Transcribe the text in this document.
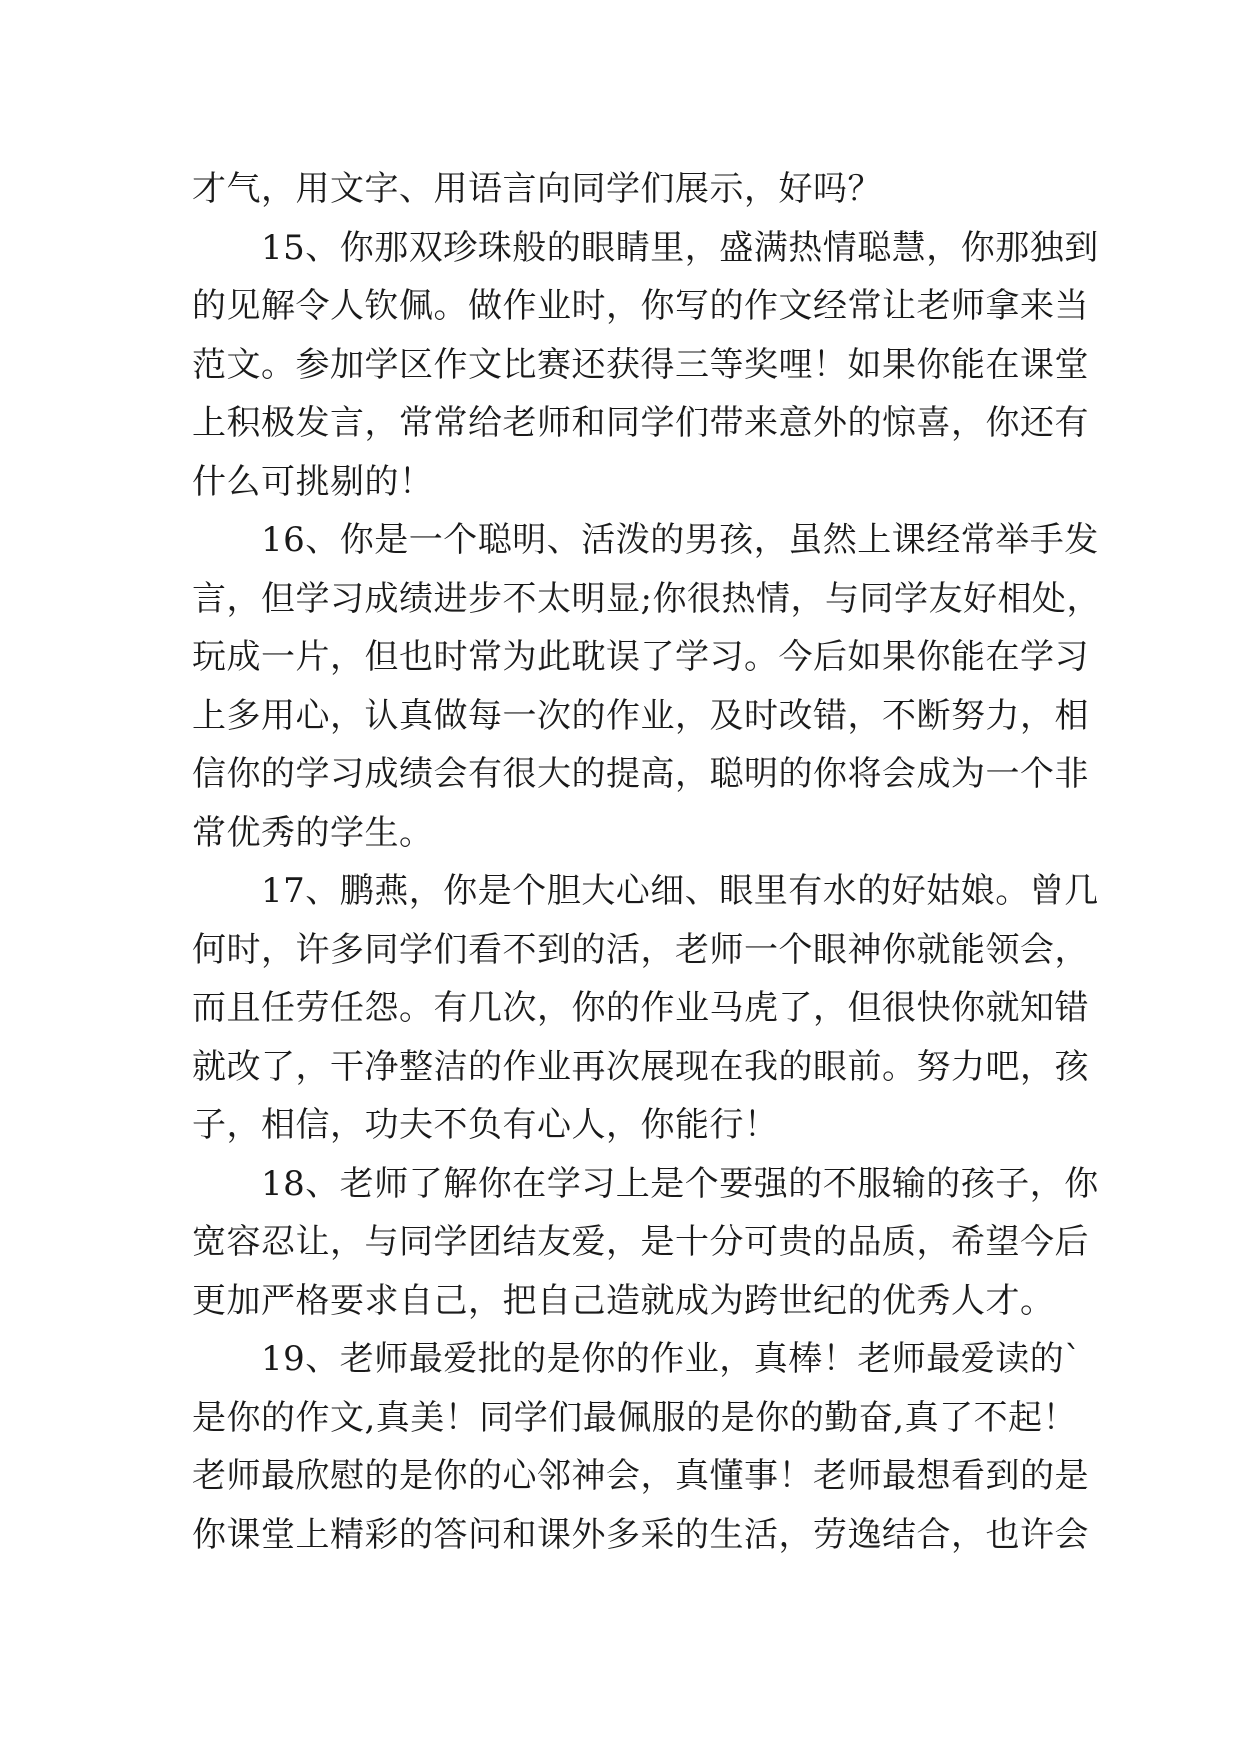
才气，用文字、用语言向同学们展示，好吗？
　　15、你那双珍珠般的眼睛里，盛满热情聪慧，你那独到
的见解令人钦佩。做作业时，你写的作文经常让老师拿来当
范文。参加学区作文比赛还获得三等奖哩！如果你能在课堂
上积极发言，常常给老师和同学们带来意外的惊喜，你还有
什么可挑剔的！
　　16、你是一个聪明、活泼的男孩，虽然上课经常举手发
言，但学习成绩进步不太明显;你很热情，与同学友好相处，
玩成一片，但也时常为此耽误了学习。今后如果你能在学习
上多用心，认真做每一次的作业，及时改错，不断努力，相
信你的学习成绩会有很大的提高，聪明的你将会成为一个非
常优秀的学生。
　　17、鹏燕，你是个胆大心细、眼里有水的好姑娘。曾几
何时，许多同学们看不到的活，老师一个眼神你就能领会，
而且任劳任怨。有几次，你的作业马虎了，但很快你就知错
就改了，干净整洁的作业再次展现在我的眼前。努力吧，孩
子，相信，功夫不负有心人，你能行！
　　18、老师了解你在学习上是个要强的不服输的孩子，你
宽容忍让，与同学团结友爱，是十分可贵的品质，希望今后
更加严格要求自己，把自己造就成为跨世纪的优秀人才。
　　19、老师最爱批的是你的作业，真棒！老师最爱读的`
是你的作文,真美！同学们最佩服的是你的勤奋,真了不起！
老师最欣慰的是你的心邻神会，真懂事！老师最想看到的是
你课堂上精彩的答问和课外多采的生活，劳逸结合，也许会
